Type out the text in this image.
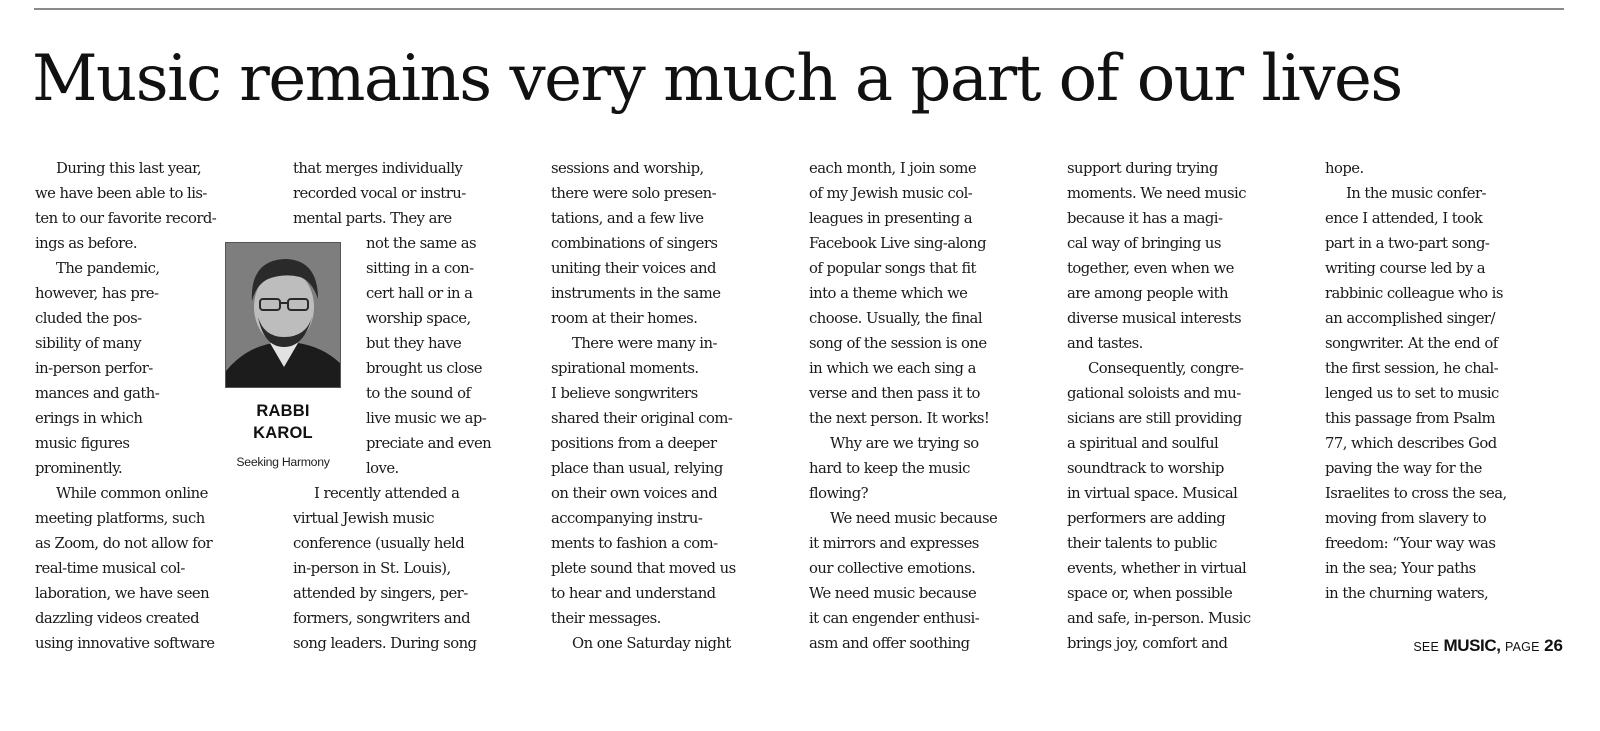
Music remains very much a part of our lives
During this last year,
we have been able to lis-
ten to our favorite record-
ings as before.
The pandemic,
however, has pre-
cluded the pos-
sibility of many
in-person perfor-
mances and gath-
erings in which
music figures
prominently.
While common online
meeting platforms, such
as Zoom, do not allow for
real-time musical col-
laboration, we have seen
dazzling videos created
using innovative software
that merges individually
recorded vocal or instru-
mental parts. They are
not the same as
sitting in a con-
cert hall or in a
worship space,
but they have
brought us close
to the sound of
live music we ap-
preciate and even
love.
I recently attended a
virtual Jewish music
conference (usually held
in-person in St. Louis),
attended by singers, per-
formers, songwriters and
song leaders. During song
sessions and worship,
there were solo presen-
tations, and a few live
combinations of singers
uniting their voices and
instruments in the same
room at their homes.
There were many in-
spirational moments.
I believe songwriters
shared their original com-
positions from a deeper
place than usual, relying
on their own voices and
accompanying instru-
ments to fashion a com-
plete sound that moved us
to hear and understand
their messages.
On one Saturday night
each month, I join some
of my Jewish music col-
leagues in presenting a
Facebook Live sing-along
of popular songs that fit
into a theme which we
choose. Usually, the final
song of the session is one
in which we each sing a
verse and then pass it to
the next person. It works!
Why are we trying so
hard to keep the music
flowing?
We need music because
it mirrors and expresses
our collective emotions.
We need music because
it can engender enthusi-
asm and offer soothing
support during trying
moments. We need music
because it has a magi-
cal way of bringing us
together, even when we
are among people with
diverse musical interests
and tastes.
Consequently, congre-
gational soloists and mu-
sicians are still providing
a spiritual and soulful
soundtrack to worship
in virtual space. Musical
performers are adding
their talents to public
events, whether in virtual
space or, when possible
and safe, in-person. Music
brings joy, comfort and
hope.
In the music confer-
ence I attended, I took
part in a two-part song-
writing course led by a
rabbinic colleague who is
an accomplished singer/
songwriter. At the end of
the first session, he chal-
lenged us to set to music
this passage from Psalm
77, which describes God
paving the way for the
Israelites to cross the sea,
moving from slavery to
freedom: “Your way was
in the sea; Your paths
in the churning waters,
RABBI
KAROL
Seeking Harmony
SEE MUSIC, PAGE 26
